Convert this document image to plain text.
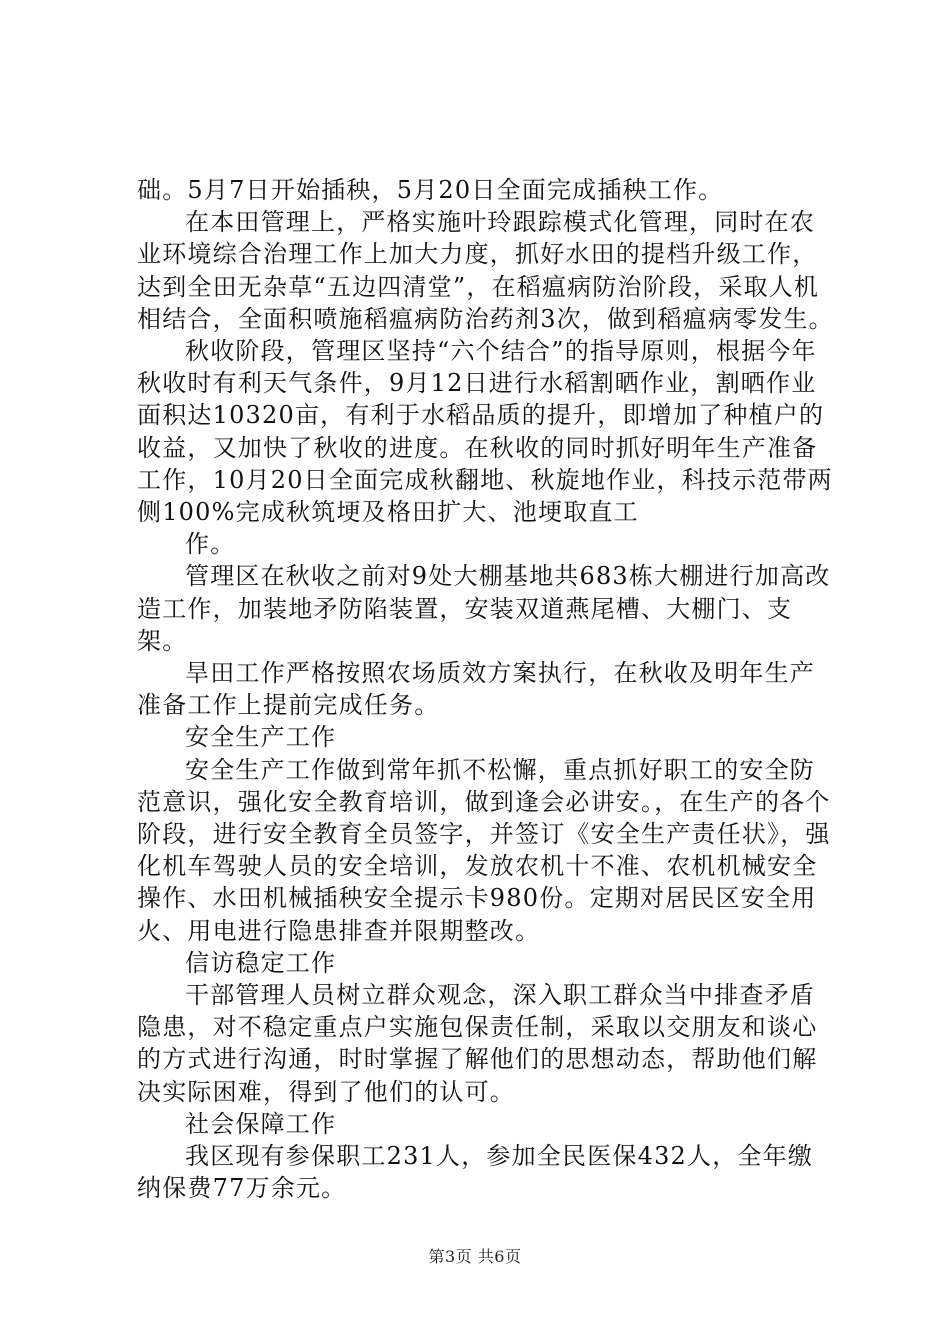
础。5月7日开始插秧，5月20日全面完成插秧工作。

在本田管理上，严格实施叶玲跟踪模式化管理，同时在农业环境综合治理工作上加大力度，抓好水田的提档升级工作，达到全田无杂草“五边四清堂”，在稻瘟病防治阶段，采取人机相结合，全面积喷施稻瘟病防治药剂3次，做到稻瘟病零发生。

秋收阶段，管理区坚持“六个结合”的指导原则，根据今年秋收时有利天气条件，9月12日进行水稻割晒作业，割晒作业面积达10320亩，有利于水稻品质的提升，即增加了种植户的收益，又加快了秋收的进度。在秋收的同时抓好明年生产准备工作，10月20日全面完成秋翻地、秋旋地作业，科技示范带两侧100%完成秋筑埂及格田扩大、池埂取直工

作。

管理区在秋收之前对9处大棚基地共683栋大棚进行加高改造工作，加装地矛防陷装置，安装双道燕尾槽、大棚门、支架。

旱田工作严格按照农场质效方案执行，在秋收及明年生产准备工作上提前完成任务。

安全生产工作

安全生产工作做到常年抓不松懈，重点抓好职工的安全防范意识，强化安全教育培训，做到逢会必讲安。，在生产的各个阶段，进行安全教育全员签字，并签订《安全生产责任状》，强化机车驾驶人员的安全培训，发放农机十不准、农机机械安全操作、水田机械插秧安全提示卡980份。定期对居民区安全用火、用电进行隐患排查并限期整改。

信访稳定工作

干部管理人员树立群众观念，深入职工群众当中排查矛盾隐患，对不稳定重点户实施包保责任制，采取以交朋友和谈心的方式进行沟通，时时掌握了解他们的思想动态，帮助他们解决实际困难，得到了他们的认可。

社会保障工作

我区现有参保职工231人，参加全民医保432人，全年缴纳保费77万余元。

第3页 共6页
